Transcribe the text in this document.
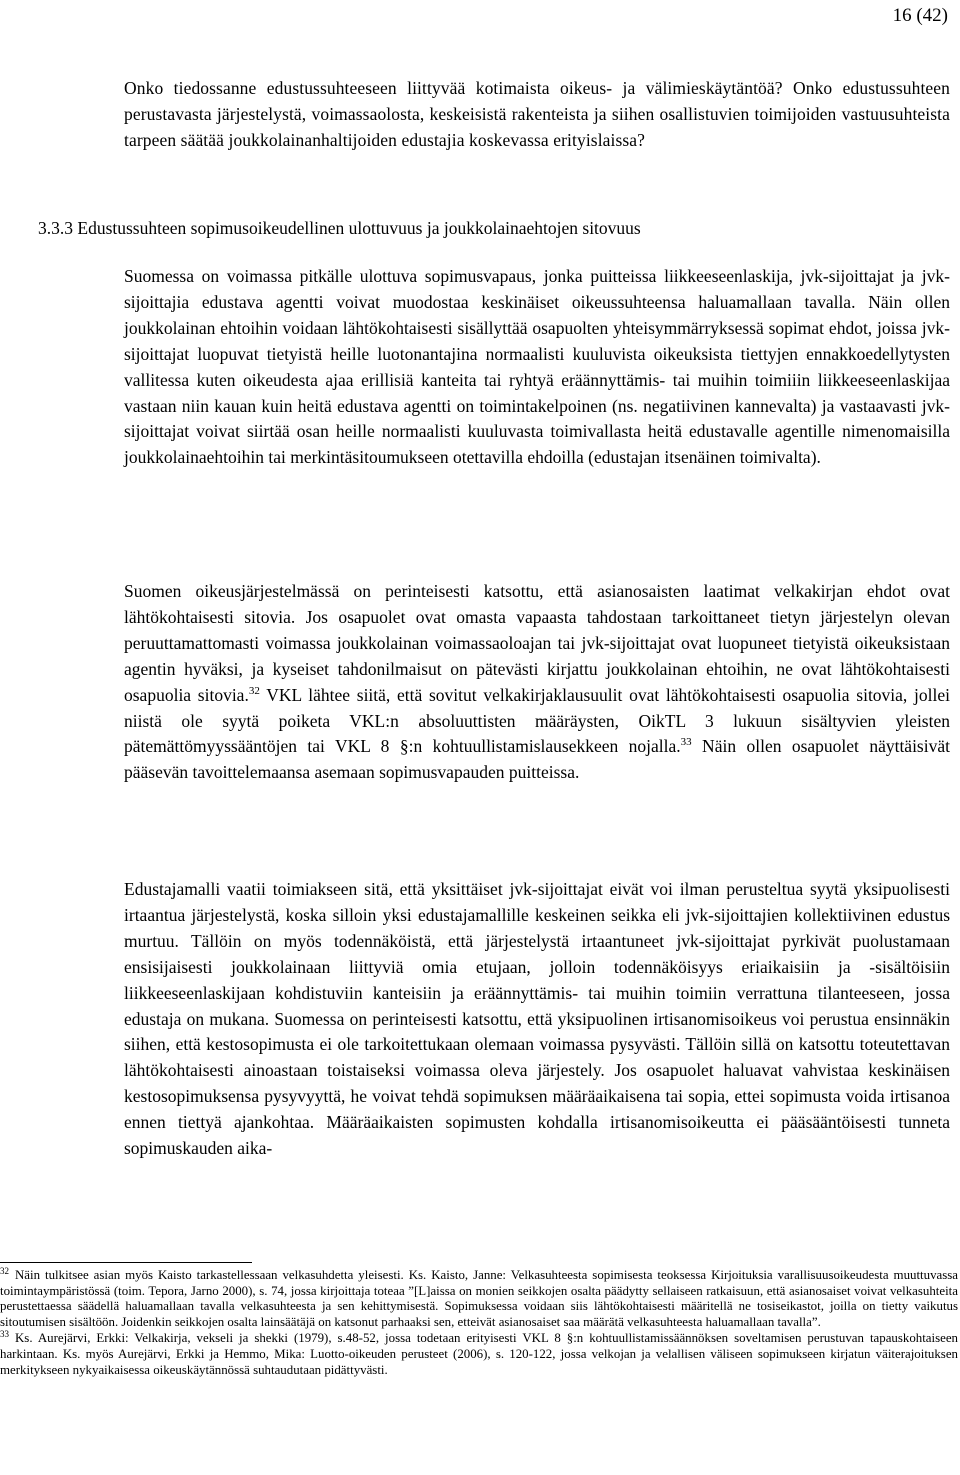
16 (42)

Onko tiedossanne edustussuhteeseen liittyvää kotimaista oikeus- ja välimieskäytäntöä? Onko edustussuhteen perustavasta järjestelystä, voimassaolosta, keskeisistä rakenteista ja siihen osallistuvien toimijoiden vastuusuhteista tarpeen säätää joukkolainanhaltijoiden edustajia koskevassa erityislaissa?

3.3.3 Edustussuhteen sopimusoikeudellinen ulottuvuus ja joukkolainaehtojen sitovuus

Suomessa on voimassa pitkälle ulottuva sopimusvapaus, jonka puitteissa liikkeeseenlaskija, jvk-sijoittajat ja jvk-sijoittajia edustava agentti voivat muodostaa keskinäiset oikeussuhteensa haluamallaan tavalla. Näin ollen joukkolainan ehtoihin voidaan lähtökohtaisesti sisällyttää osapuolten yhteisymmärryksessä sopimat ehdot, joissa jvk-sijoittajat luopuvat tietyistä heille luotonantajina normaalisti kuuluvista oikeuksista tiettyjen ennakkoedellytysten vallitessa kuten oikeudesta ajaa erillisiä kanteita tai ryhtyä eräännyttämis- tai muihin toimiiin liikkeeseenlaskijaa vastaan niin kauan kuin heitä edustava agentti on toimintakelpoinen (ns. negatiivinen kannevalta) ja vastaavasti jvk-sijoittajat voivat siirtää osan heille normaalisti kuuluvasta toimivallasta heitä edustavalle agentille nimenomaisilla joukkolainaehtoihin tai merkintäsitoumukseen otettavilla ehdoilla (edustajan itsenäinen toimivalta).

Suomen oikeusjärjestelmässä on perinteisesti katsottu, että asianosaisten laatimat velkakirjan ehdot ovat lähtökohtaisesti sitovia. Jos osapuolet ovat omasta vapaasta tahdostaan tarkoittaneet tietyn järjestelyn olevan peruuttamattomasti voimassa joukkolainan voimassaoloajan tai jvk-sijoittajat ovat luopuneet tietyistä oikeuksistaan agentin hyväksi, ja kyseiset tahdonilmaisut on pätevästi kirjattu joukkolainan ehtoihin, ne ovat lähtökohtaisesti osapuolia sitovia.$^{32}$ VKL lähtee siitä, että sovitut velkakirjaklausuulit ovat lähtökohtaisesti osapuolia sitovia, jollei niistä ole syytä poiketa VKL:n absoluuttisten määräysten, OikTL 3 lukuun sisältyvien yleisten pätemättömyyssääntöjen tai VKL 8 §:n kohtuullistamislausekkeen nojalla.$^{33}$ Näin ollen osapuolet näyttäisivät pääsevän tavoittelemaansa asemaan sopimusvapauden puitteissa.

Edustajamalli vaatii toimiakseen sitä, että yksittäiset jvk-sijoittajat eivät voi ilman perusteltua syytä yksipuolisesti irtaantua järjestelystä, koska silloin yksi edustajamallille keskeinen seikka eli jvk-sijoittajien kollektiivinen edustus murtuu. Tällöin on myös todennäköistä, että järjestelystä irtaantuneet jvk-sijoittajat pyrkivät puolustamaan ensisijaisesti joukkolainaan liittyviä omia etujaan, jolloin todennäköisyys eriaikaisiin ja -sisältöisiin liikkeeseenlaskijaan kohdistuviin kanteisiin ja eräännyttämis- tai muihin toimiin verrattuna tilanteeseen, jossa edustaja on mukana. Suomessa on perinteisesti katsottu, että yksipuolinen irtisanomisoikeus voi perustua ensinnäkin siihen, että kestosopimusta ei ole tarkoitettukaan olemaan voimassa pysyvästi. Tällöin sillä on katsottu toteutettavan lähtökohtaisesti ainoastaan toistaiseksi voimassa oleva järjestely. Jos osapuolet haluavat vahvistaa keskinäisen kestosopimuksensa pysyvyyttä, he voivat tehdä sopimuksen määräaikaisena tai sopia, ettei sopimusta voida irtisanoa ennen tiettyä ajankohtaa. Määräaikaisten sopimusten kohdalla irtisanomisoikeutta ei pääsääntöisesti tunneta sopimuskauden aika-

$^{32}$ Näin tulkitsee asian myös Kaisto tarkastellessaan velkasuhdetta yleisesti. Ks. Kaisto, Janne: Velkasuhteesta sopimisesta teoksessa Kirjoituksia varallisuusoikeudesta muuttuvassa toimintaympäristössä (toim. Tepora, Jarno 2000), s. 74, jossa kirjoittaja toteaa ”[L]aissa on monien seikkojen osalta päädytty sellaiseen ratkaisuun, että asianosaiset voivat velkasuhteita perustettaessa säädellä haluamallaan tavalla velkasuhteesta ja sen kehittymisestä. Sopimuksessa voidaan siis lähtökohtaisesti määritellä ne tosiseikastot, joilla on tietty vaikutus sitoutumisen sisältöön. Joidenkin seikkojen osalta lainsäätäjä on katsonut parhaaksi sen, etteivät asianosaiset saa määrätä velkasuhteesta haluamallaan tavalla”.

$^{33}$ Ks. Aurejärvi, Erkki: Velkakirja, vekseli ja shekki (1979), s.48-52, jossa todetaan erityisesti VKL 8 §:n kohtuullistamissäännöksen soveltamisen perustuvan tapauskohtaiseen harkintaan. Ks. myös Aurejärvi, Erkki ja Hemmo, Mika: Luotto-oikeuden perusteet (2006), s. 120-122, jossa velkojan ja velallisen väliseen sopimukseen kirjatun väiterajoituksen merkitykseen nykyaikaisessa oikeuskäytännössä suhtaudutaan pidättyvästi.
